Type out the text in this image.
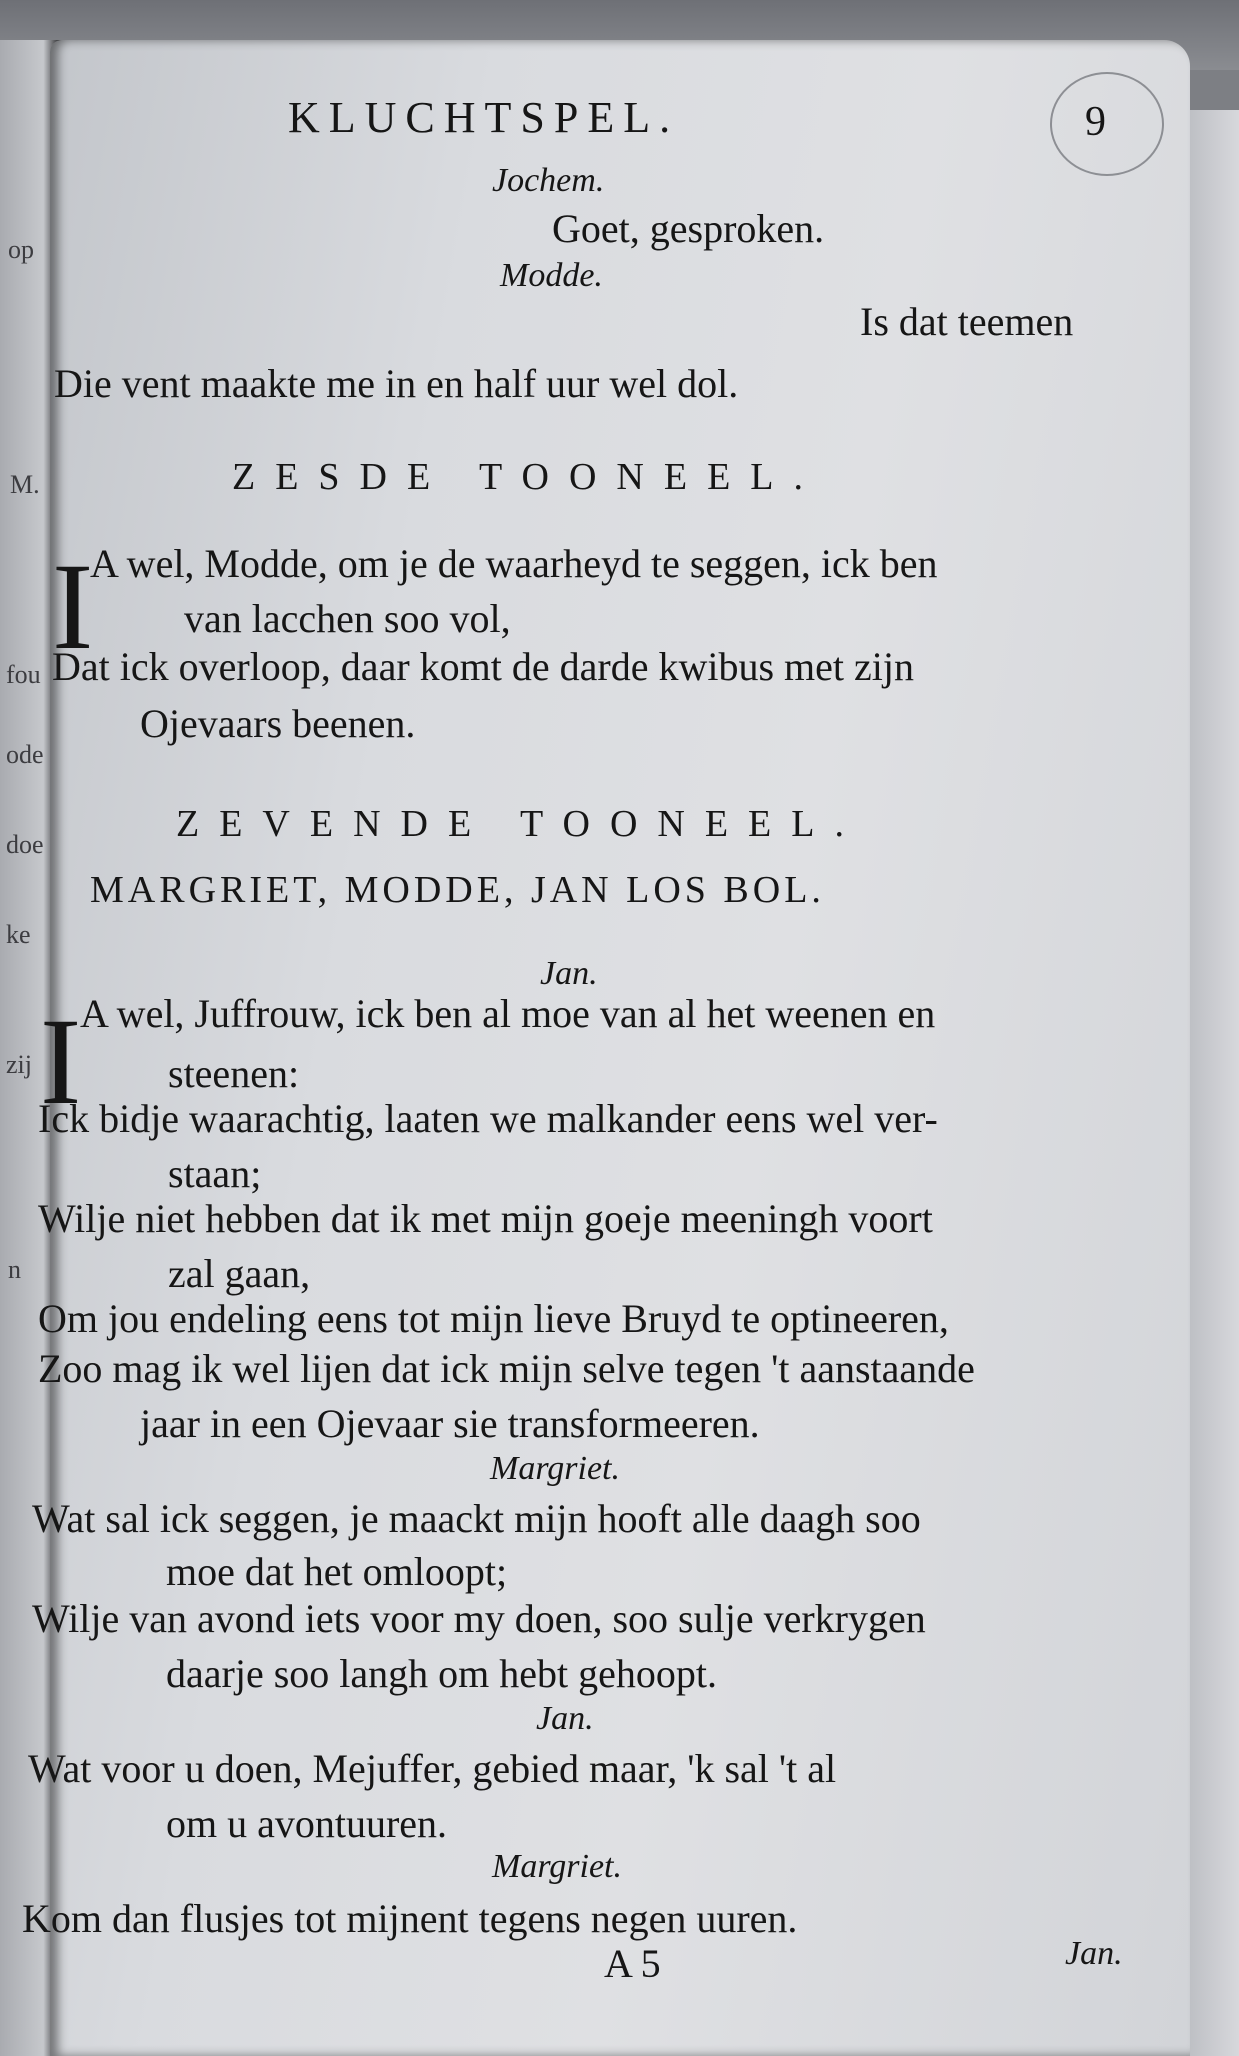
op
M.
fou
ode
doe
ke
zij
n
KLUCHTSPEL.	9
Jochem.
Goet, gesproken.
Modde.
Is dat teemen
Die vent maakte me in en half uur wel dol.
ZESDE TOONEEL.
I
A wel, Modde, om je de waarheyd te seggen, ick ben
van lacchen soo vol,
Dat ick overloop, daar komt de darde kwibus met zijn
Ojevaars beenen.
ZEVENDE TOONEEL.
MARGRIET, MODDE, JAN LOS BOL.
Jan.
I
A wel, Juffrouw, ick ben al moe van al het weenen en
steenen:
Ick bidje waarachtig, laaten we malkander eens wel ver-
staan;
Wilje niet hebben dat ik met mijn goeje meeningh voort
zal gaan,
Om jou endeling eens tot mijn lieve Bruyd te optineeren,
Zoo mag ik wel lijen dat ick mijn selve tegen 't aanstaande
jaar in een Ojevaar sie transformeeren.
Margriet.
Wat sal ick seggen, je maackt mijn hooft alle daagh soo
moe dat het omloopt;
Wilje van avond iets voor my doen, soo sulje verkrygen
daarje soo langh om hebt gehoopt.
Jan.
Wat voor u doen, Mejuffer, gebied maar, 'k sal 't al
om u avontuuren.
Margriet.
Kom dan flusjes tot mijnent tegens negen uuren.
A 5	Jan.
